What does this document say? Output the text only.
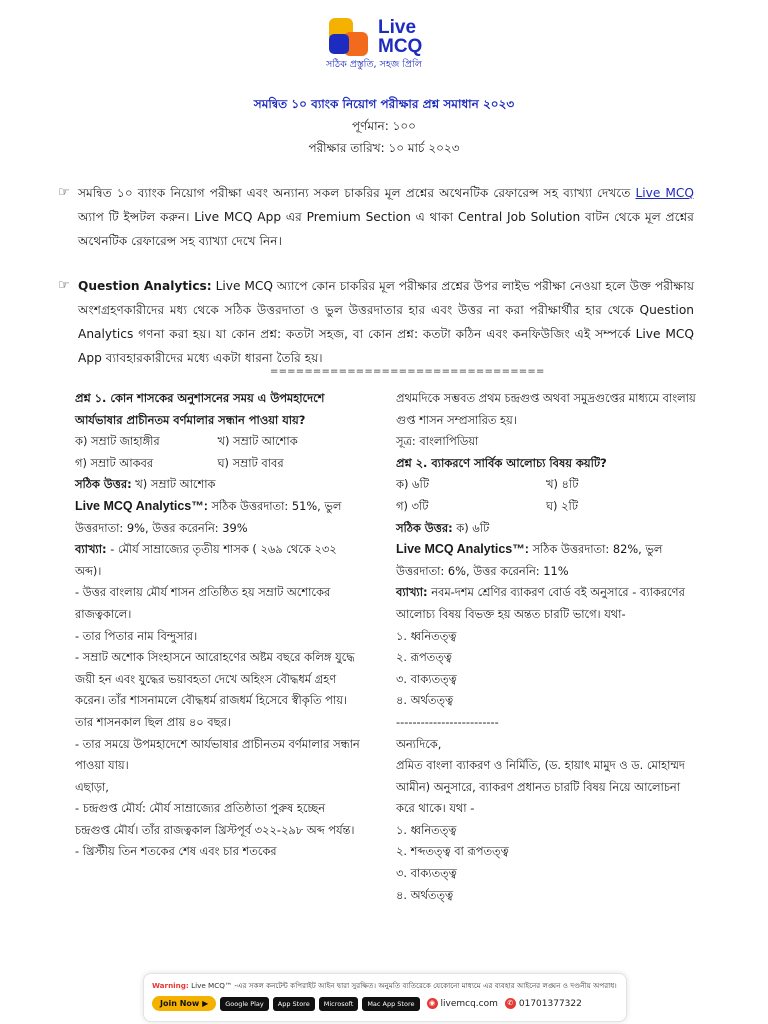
Live
MCQ
সঠিক প্রস্তুতি, সহজ প্রিলি
সমন্বিত ১০ ব্যাংক নিয়োগ পরীক্ষার প্রশ্ন সমাধান ২০২৩
পূর্ণমান: ১০০
পরীক্ষার তারিখ: ১০ মার্চ ২০২৩
☞ সমন্বিত ১০ ব্যাংক নিয়োগ পরীক্ষা এবং অন্যান্য সকল চাকরির মূল প্রশ্নের অথেনটিক রেফারেন্স সহ ব্যাখ্যা দেখতে Live MCQ অ্যাপ টি ইন্সটল করুন। Live MCQ App এর Premium Section এ থাকা Central Job Solution বাটন থেকে মূল প্রশ্নের অথেনটিক রেফারেন্স সহ ব্যাখ্যা দেখে নিন।
☞ Question Analytics: Live MCQ অ্যাপে কোন চাকরির মূল পরীক্ষার প্রশ্নের উপর লাইভ পরীক্ষা নেওয়া হলে উক্ত পরীক্ষায় অংশগ্রহণকারীদের মধ্য থেকে সঠিক উত্তরদাতা ও ভুল উত্তরদাতার হার এবং উত্তর না করা পরীক্ষার্থীর হার থেকে Question Analytics গণনা করা হয়। যা কোন প্রশ্ন: কতটা সহজ, বা কোন প্রশ্ন: কতটা কঠিন এবং কনফিউজিং এই সম্পর্কে Live MCQ App ব্যাবহারকারীদের মধ্যে একটা ধারনা তৈরি হয়।
================================

প্রশ্ন ১. কোন শাসকের অনুশাসনের সময় এ উপমহাদেশে আর্যভাষার প্রাচীনতম বর্ণমালার সন্ধান পাওয়া যায়?

ক) সম্রাট জাহাঙ্গীর	খ) সম্রাট আশোক
গ) সম্রাট আকবর	ঘ) সম্রাট বাবর

সঠিক উত্তর: খ) সম্রাট আশোক

Live MCQ Analytics™: সঠিক উত্তরদাতা: 51%, ভুল উত্তরদাতা: 9%, উত্তর করেননি: 39%

ব্যাখ্যা: - মৌর্য সাম্রাজ্যের তৃতীয় শাসক ( ২৬৯ থেকে ২৩২ অব্দ)।

- উত্তর বাংলায় মৌর্য শাসন প্রতিষ্ঠিত হয় সম্রাট অশোকের রাজত্বকালে।

- তার পিতার নাম বিন্দুসার।

- সম্রাট অশোক সিংহাসনে আরোহণের অষ্টম বছরে কলিঙ্গ যুদ্ধে জয়ী হন এবং যুদ্ধের ভয়াবহতা দেখে অহিংস বৌদ্ধধর্ম গ্রহণ করেন। তাঁর শাসনামলে বৌদ্ধধর্ম রাজধর্ম হিসেবে স্বীকৃতি পায়। তার শাসনকাল ছিল প্রায় ৪০ বছর।

- তার সময়ে উপমহাদেশে আর্যভাষার প্রাচীনতম বর্ণমালার সন্ধান পাওয়া যায়।

এছাড়া,

- চন্দ্রগুপ্ত মৌর্য: মৌর্য সাম্রাজ্যের প্রতিষ্ঠাতা পুরুষ হচ্ছেন চন্দ্রগুপ্ত মৌর্য। তাঁর রাজত্বকাল খ্রিস্টপূর্ব ৩২২-২৯৮ অব্দ পর্যন্ত।

- খ্রিস্টীয় তিন শতকের শেষ এবং চার শতকের

প্রথমদিকে সম্ভবত প্রথম চন্দ্রগুপ্ত অথবা সমুদ্রগুপ্তের মাধ্যমে বাংলায় গুপ্ত শাসন সম্প্রসারিত হয়।

সূত্র: বাংলাপিডিয়া

প্রশ্ন ২. ব্যাকরণে সার্বিক আলোচ্য বিষয় কয়টি?

ক) ৬টি	খ) ৪টি
গ) ৩টি	ঘ) ২টি

সঠিক উত্তর: ক) ৬টি

Live MCQ Analytics™: সঠিক উত্তরদাতা: 82%, ভুল উত্তরদাতা: 6%, উত্তর করেননি: 11%

ব্যাখ্যা: নবম-দশম শ্রেণির ব্যাকরণ বোর্ড বই অনুসারে - ব্যাকরণের আলোচ্য বিষয় বিভক্ত হয় অন্তত চারটি ভাগে। যথা-

১. ধ্বনিতত্ত্ব

২. রূপতত্ত্ব

৩. বাক্যতত্ত্ব

৪. অর্থতত্ত্ব

-------------------------

অন্যদিকে,

প্রমিত বাংলা ব্যাকরণ ও নির্মিতি, (ড. হায়াৎ মামুদ ও ড. মোহাম্মদ আমীন) অনুসারে, ব্যাকরণ প্রধানত চারটি বিষয় নিয়ে আলোচনা করে থাকে। যথা -

১. ধ্বনিতত্ত্ব

২. শব্দতত্ত্ব বা রূপতত্ত্ব

৩. বাক্যতত্ত্ব

৪. অর্থতত্ত্ব

Warning: Live MCQ™ -এর সকল কনটেন্ট কপিরাইট আইন দ্বারা সুরক্ষিত। অনুমতি ব্যতিরেকে যেকোনো মাধ্যমে এর ব্যবহার আইনের লঙ্ঘন ও দণ্ডনীয় অপরাধ।
Join Now ▶	Google Play	App Store	Microsoft	Mac App Store	◉ livemcq.com	✆ 01701377322
